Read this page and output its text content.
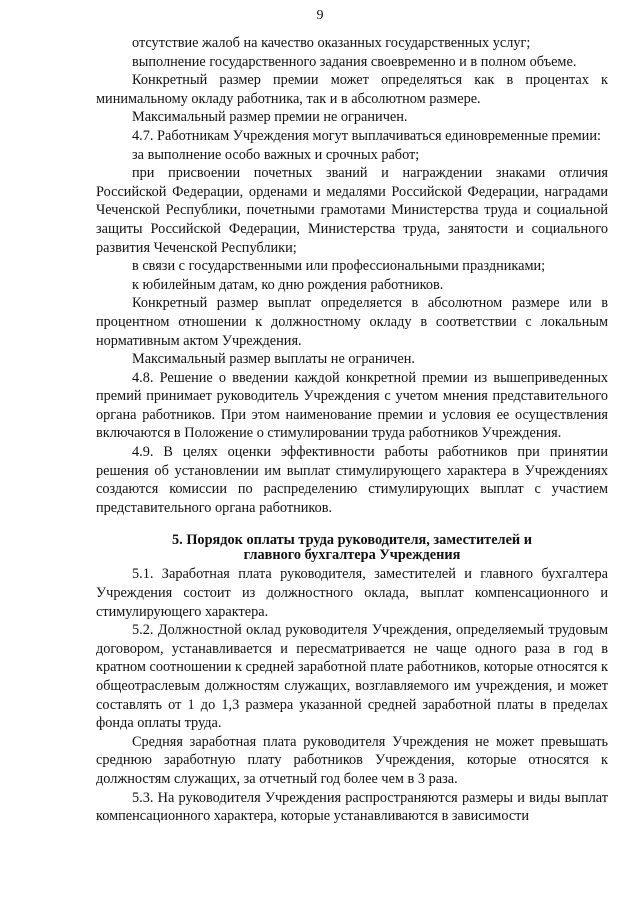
9

отсутствие жалоб на качество оказанных государственных услуг;

выполнение государственного задания своевременно и в полном объеме.

Конкретный размер премии может определяться как в процентах к минимальному окладу работника, так и в абсолютном размере.

Максимальный размер премии не ограничен.

4.7. Работникам Учреждения могут выплачиваться единовременные премии:

за выполнение особо важных и срочных работ;

при присвоении почетных званий и награждении знаками отличия Российской Федерации, орденами и медалями Российской Федерации, наградами Чеченской Республики, почетными грамотами Министерства труда и социальной защиты Российской Федерации, Министерства труда, занятости и социального развития Чеченской Республики;

в связи с государственными или профессиональными праздниками;

к юбилейным датам, ко дню рождения работников.

Конкретный размер выплат определяется в абсолютном размере или в процентном отношении к должностному окладу в соответствии с локальным нормативным актом Учреждения.

Максимальный размер выплаты не ограничен.

4.8. Решение о введении каждой конкретной премии из вышеприведенных премий принимает руководитель Учреждения с учетом мнения представительного органа работников. При этом наименование премии и условия ее осуществления включаются в Положение о стимулировании труда работников Учреждения.

4.9. В целях оценки эффективности работы работников при принятии решения об установлении им выплат стимулирующего характера в Учреждениях создаются комиссии по распределению стимулирующих выплат с участием представительного органа работников.

5. Порядок оплаты труда руководителя, заместителей и
главного бухгалтера Учреждения

5.1. Заработная плата руководителя, заместителей и главного бухгалтера Учреждения состоит из должностного оклада, выплат компенсационного и стимулирующего характера.

5.2. Должностной оклад руководителя Учреждения, определяемый трудовым договором, устанавливается и пересматривается не чаще одного раза в год в кратном соотношении к средней заработной плате работников, которые относятся к общеотраслевым должностям служащих, возглавляемого им учреждения, и может составлять от 1 до 1,3 размера указанной средней заработной платы в пределах фонда оплаты труда.

Средняя заработная плата руководителя Учреждения не может превышать среднюю заработную плату работников Учреждения, которые относятся к должностям служащих, за отчетный год более чем в 3 раза.

5.3. На руководителя Учреждения распространяются размеры и виды выплат компенсационного характера, которые устанавливаются в зависимости
